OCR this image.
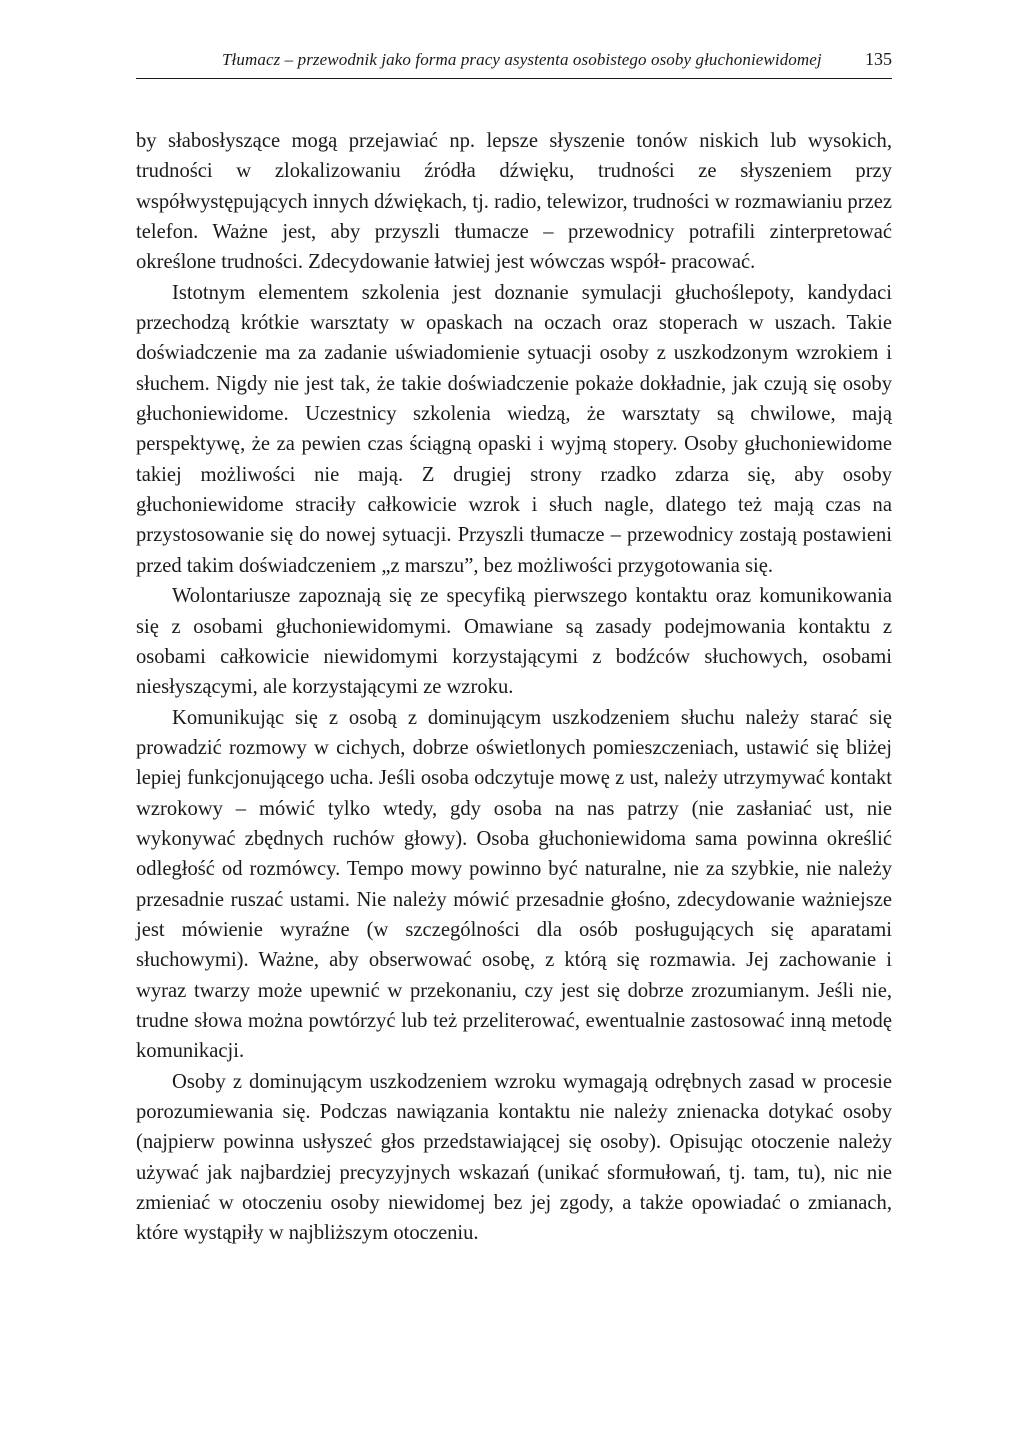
Tłumacz – przewodnik jako forma pracy asystenta osobistego osoby głuchoniewidomej 135

by słabosłyszące mogą przejawiać np. lepsze słyszenie tonów niskich lub wysokich, trudności w zlokalizowaniu źródła dźwięku, trudności ze słyszeniem przy współwystępujących innych dźwiękach, tj. radio, telewizor, trudności w rozmawianiu przez telefon. Ważne jest, aby przyszli tłumacze – przewodnicy potrafili zinterpretować określone trudności. Zdecydowanie łatwiej jest wówczas współ- pracować.

Istotnym elementem szkolenia jest doznanie symulacji głuchoślepoty, kandydaci przechodzą krótkie warsztaty w opaskach na oczach oraz stoperach w uszach. Takie doświadczenie ma za zadanie uświadomienie sytuacji osoby z uszkodzonym wzrokiem i słuchem. Nigdy nie jest tak, że takie doświadczenie pokaże dokładnie, jak czują się osoby głuchoniewidome. Uczestnicy szkolenia wiedzą, że warsztaty są chwilowe, mają perspektywę, że za pewien czas ściągną opaski i wyjmą stopery. Osoby głuchoniewidome takiej możliwości nie mają. Z drugiej strony rzadko zdarza się, aby osoby głuchoniewidome straciły całkowicie wzrok i słuch nagle, dlatego też mają czas na przystosowanie się do nowej sytuacji. Przyszli tłumacze – przewodnicy zostają postawieni przed takim doświadczeniem „z marszu”, bez możliwości przygotowania się.

Wolontariusze zapoznają się ze specyfiką pierwszego kontaktu oraz komunikowania się z osobami głuchoniewidomymi. Omawiane są zasady podejmowania kontaktu z osobami całkowicie niewidomymi korzystającymi z bodźców słuchowych, osobami niesłyszącymi, ale korzystającymi ze wzroku.

Komunikując się z osobą z dominującym uszkodzeniem słuchu należy starać się prowadzić rozmowy w cichych, dobrze oświetlonych pomieszczeniach, ustawić się bliżej lepiej funkcjonującego ucha. Jeśli osoba odczytuje mowę z ust, należy utrzymywać kontakt wzrokowy – mówić tylko wtedy, gdy osoba na nas patrzy (nie zasłaniać ust, nie wykonywać zbędnych ruchów głowy). Osoba głuchoniewidoma sama powinna określić odległość od rozmówcy. Tempo mowy powinno być naturalne, nie za szybkie, nie należy przesadnie ruszać ustami. Nie należy mówić przesadnie głośno, zdecydowanie ważniejsze jest mówienie wyraźne (w szczególności dla osób posługujących się aparatami słuchowymi). Ważne, aby obserwować osobę, z którą się rozmawia. Jej zachowanie i wyraz twarzy może upewnić w przekonaniu, czy jest się dobrze zrozumianym. Jeśli nie, trudne słowa można powtórzyć lub też przeliterować, ewentualnie zastosować inną metodę komunikacji.

Osoby z dominującym uszkodzeniem wzroku wymagają odrębnych zasad w procesie porozumiewania się. Podczas nawiązania kontaktu nie należy znienacka dotykać osoby (najpierw powinna usłyszeć głos przedstawiającej się osoby). Opisując otoczenie należy używać jak najbardziej precyzyjnych wskazań (unikać sformułowań, tj. tam, tu), nic nie zmieniać w otoczeniu osoby niewidomej bez jej zgody, a także opowiadać o zmianach, które wystąpiły w najbliższym otoczeniu.
